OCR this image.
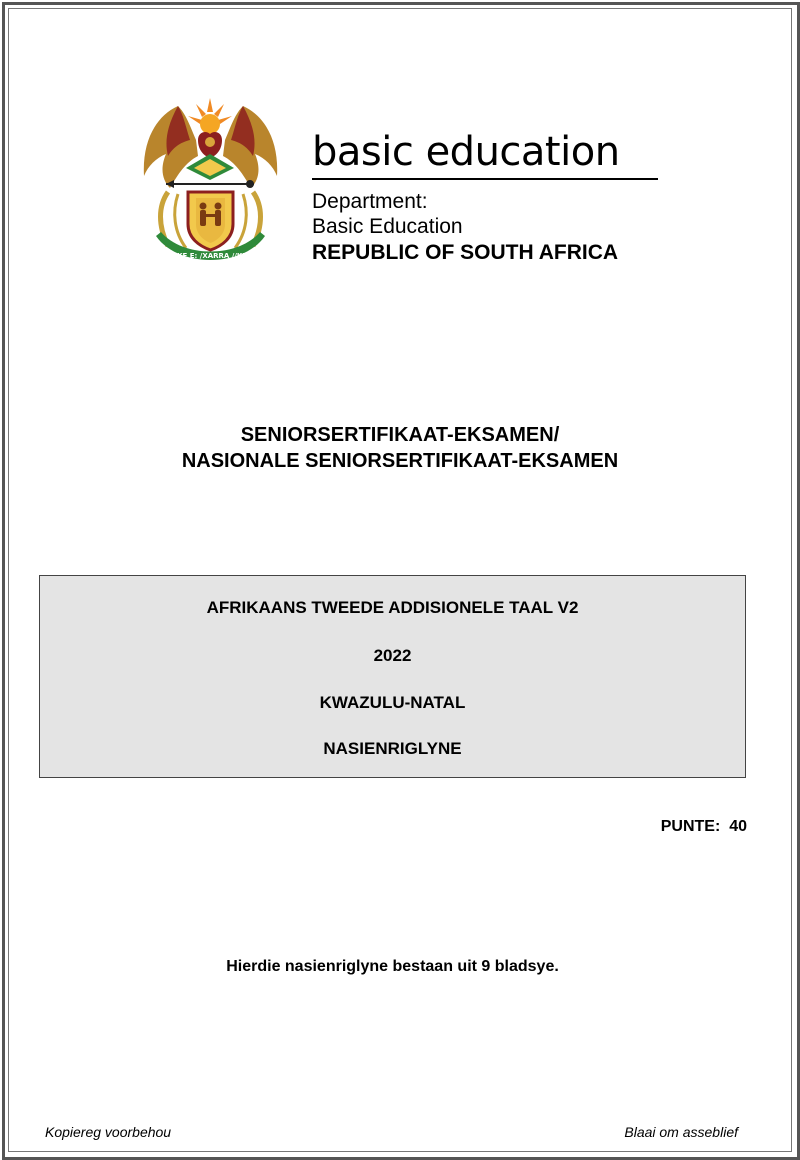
!KE E: /XARRA //KE
basic education
Department:
Basic Education
REPUBLIC OF SOUTH AFRICA
SENIORSERTIFIKAAT-EKSAMEN/
NASIONALE SENIORSERTIFIKAAT-EKSAMEN
AFRIKAANS TWEEDE ADDISIONELE TAAL V2
2022
KWAZULU-NATAL
NASIENRIGLYNE
PUNTE:  40
Hierdie nasienriglyne bestaan uit 9 bladsye.
Kopiereg voorbehou	Blaai om asseblief
